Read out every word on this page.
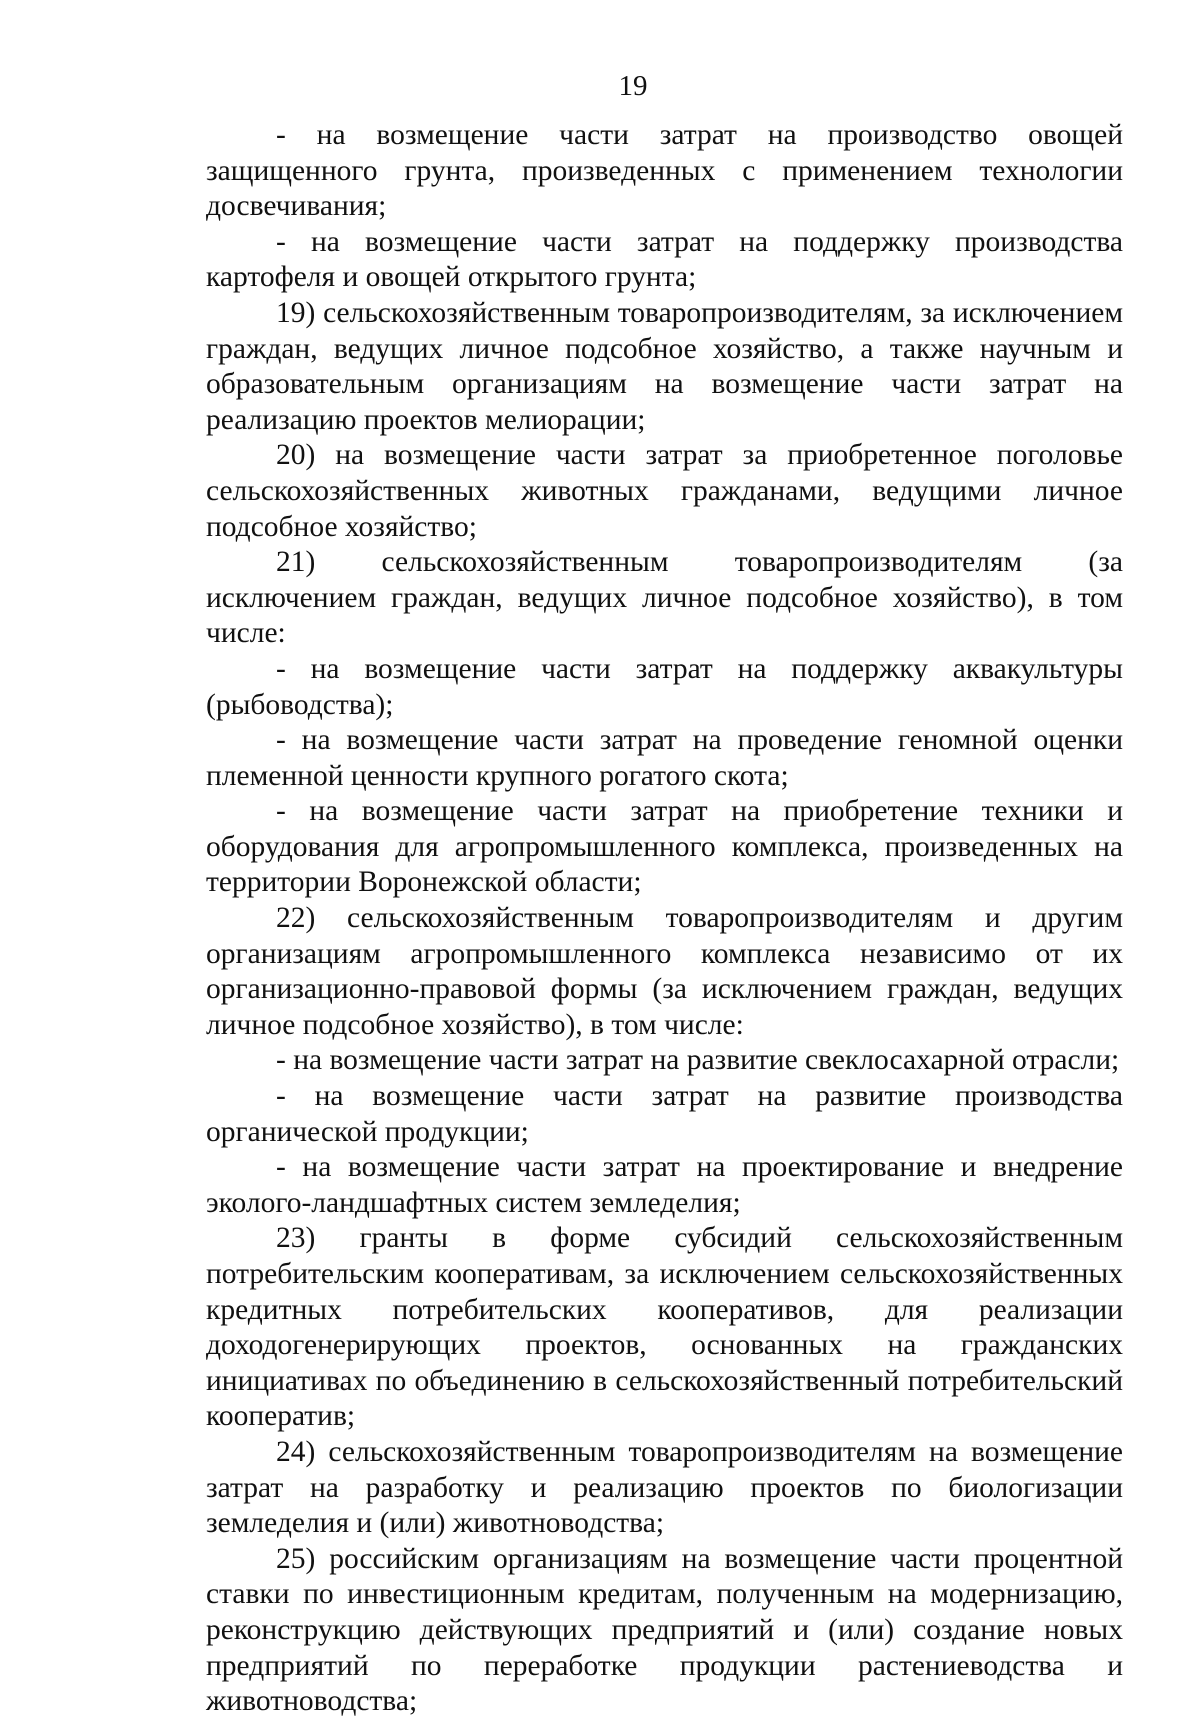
19

- на возмещение части затрат на производство овощей защищенного грунта, произведенных с применением технологии досвечивания;

- на возмещение части затрат на поддержку производства картофеля и овощей открытого грунта;

19) сельскохозяйственным товаропроизводителям, за исключением граждан, ведущих личное подсобное хозяйство, а также научным и образовательным организациям на возмещение части затрат на реализацию проектов мелиорации;

20) на возмещение части затрат за приобретенное поголовье сельскохозяйственных животных гражданами, ведущими личное подсобное хозяйство;

21) сельскохозяйственным товаропроизводителям (за исключением граждан, ведущих личное подсобное хозяйство), в том числе:

- на возмещение части затрат на поддержку аквакультуры (рыбоводства);

- на возмещение части затрат на проведение геномной оценки племенной ценности крупного рогатого скота;

- на возмещение части затрат на приобретение техники и оборудования для агропромышленного комплекса, произведенных на территории Воронежской области;

22) сельскохозяйственным товаропроизводителям и другим организациям агропромышленного комплекса независимо от их организационно-правовой формы (за исключением граждан, ведущих личное подсобное хозяйство), в том числе:

- на возмещение части затрат на развитие свеклосахарной отрасли;

- на возмещение части затрат на развитие производства органической продукции;

- на возмещение части затрат на проектирование и внедрение эколого-ландшафтных систем земледелия;

23) гранты в форме субсидий сельскохозяйственным потребительским кооперативам, за исключением сельскохозяйственных кредитных потребительских кооперативов, для реализации доходогенерирующих проектов, основанных на гражданских инициативах по объединению в сельскохозяйственный потребительский кооператив;

24) сельскохозяйственным товаропроизводителям на возмещение затрат на разработку и реализацию проектов по биологизации земледелия и (или) животноводства;

25) российским организациям на возмещение части процентной ставки по инвестиционным кредитам, полученным на модернизацию, реконструкцию действующих предприятий и (или) создание новых предприятий по переработке продукции растениеводства и животноводства;
